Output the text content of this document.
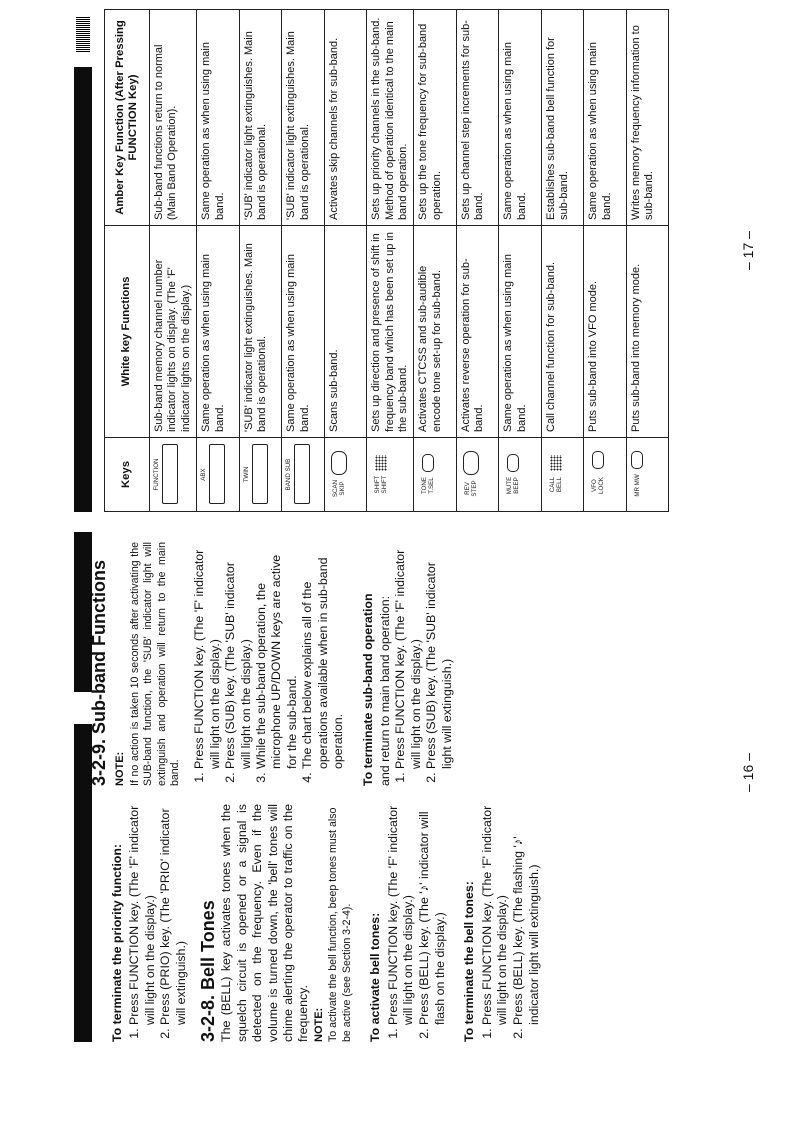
To terminate the priority function: 1. Press FUNCTION key. (The 'F' indicator will light on the display.) 2. Press (PRIO) key. (The 'PRIO' indicator will extinguish.) 3-2-8. Bell Tones The (BELL) key activates tones when the squelch circuit is opened or a signal is detected on the frequency. Even if the volume is turned down, the 'bell' tones will chime alerting the operator to traffic on the frequency. NOTE: To activate the bell function, beep tones must also be active (see Section 3-2-4). To activate bell tones: 1. Press FUNCTION key. (The 'F' indicator will light on the display.) 2. Press (BELL) key. (The '♪' indicator will flash on the display.) To terminate the bell tones: 1. Press FUNCTION key. (The 'F' indicator will light on the display.) 2. Press (BELL) key. (The flashing '♪' indicator light will extinguish.)
3-2-9. Sub-band Functions NOTE: If no action is taken 10 seconds after activating the SUB-band function, the 'SUB' indicator light will extinguish and operation will return to the main band.

1. Press FUNCTION key. (The 'F' indicator will light on the display.) 2. Press (SUB) key. (The 'SUB' indicator will light on the display.) 3. While the sub-band operation, the microphone UP/DOWN keys are active for the sub-band. 4. The chart below explains all of the operations available when in sub-band operation. To terminate sub-band operation and return to main band operation: 1. Press FUNCTION key. (The 'F' indicator will light on the display.) 2. Press (SUB) key. (The 'SUB' indicator light will extinguish.)
– 16 –
Keys	White key Functions	Amber Key Function (After Pressing FUNCTION Key)

FUNCTION	Sub-band memory channel number indicator lights on display. (The 'F' indicator lights on the display.)	Sub-band functions return to normal (Main Band Operation).

ABX	Same operation as when using main band.	Same operation as when using main band.

TWIN	'SUB' indicator light extinguishes. Main band is operational.	'SUB' indicator light extinguishes. Main band is operational.

BAND SUB	Same operation as when using main band.	'SUB' indicator light extinguishes. Main band is operational.

SCAN SKIP	Scans sub-band.	Activates skip channels for sub-band.

SHIFT SHIFT	Sets up direction and presence of shift in frequency band which has been set up in the sub-band.	Sets up priority channels in the sub-band. Method of operation identical to the main band operation.

TONE T.SEL	Activates CTCSS and sub-audible encode tone set-up for sub-band.	Sets up the tone frequency for sub-band operation.

REV STEP	Activates reverse operation for sub-band.	Sets up channel step increments for sub-band.

MUTE BEEP	Same operation as when using main band.	Same operation as when using main band.

CALL BELL	Call channel function for sub-band.	Establishes sub-band bell function for sub-band.

VFO LOCK	Puts sub-band into VFO mode.	Same operation as when using main band.

MR MW	Puts sub-band into memory mode.	Writes memory frequency information to sub-band.
– 17 –
